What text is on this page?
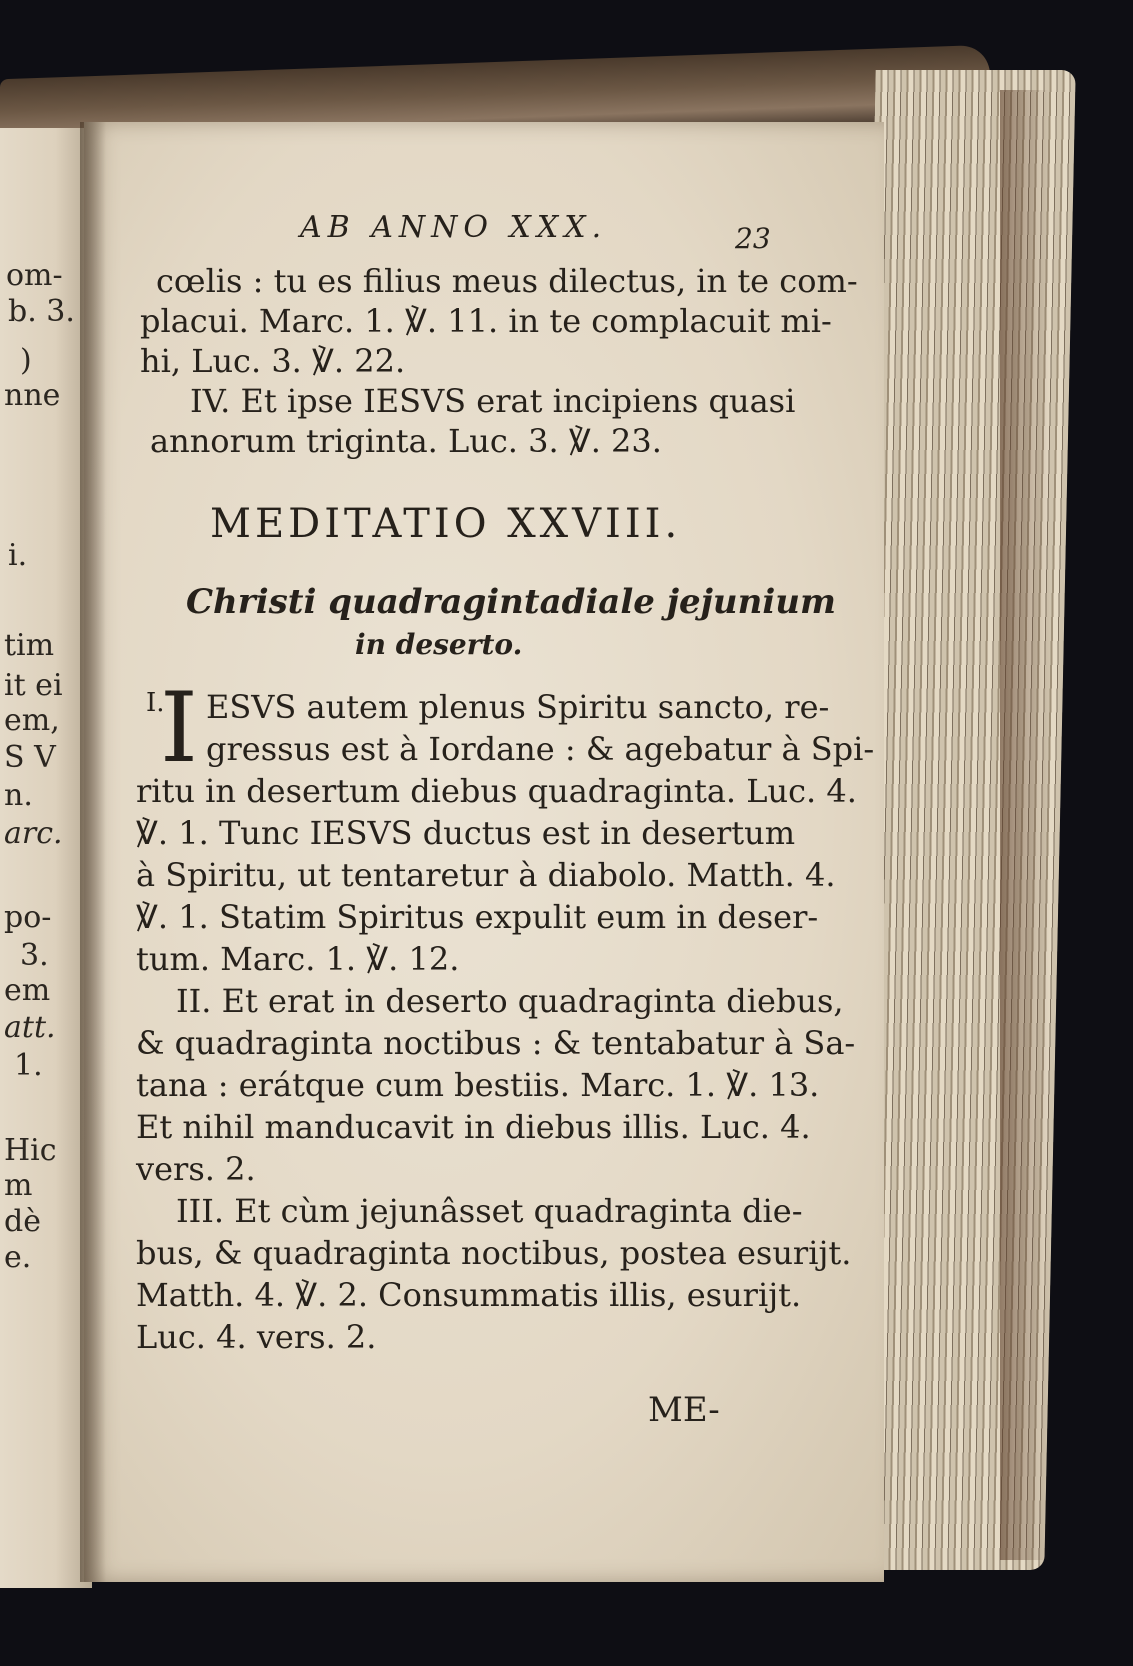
om-
b. 3.
)
nne
i.
tim
it ei
em,
S V
n.
arc.
po-
3.
em
att.
1.
Hic
m
dè
e.
AB ANNO XXX.	23
cœlis : tu es filius meus dilectus, in te com-
placui. Marc. 1. ℣. 11. in te complacuit mi-
hi, Luc. 3. ℣. 22.
IV. Et ipse IESVS erat incipiens quasi
annorum triginta. Luc. 3. ℣. 23.
MEDITATIO XXVIII.
Christi quadragintadiale jejunium
in deserto.
I.
I ESVS autem plenus Spiritu sancto, re-
gressus est à Iordane : & agebatur à Spi-
ritu in desertum diebus quadraginta. Luc. 4.
℣. 1. Tunc IESVS ductus est in desertum
à Spiritu, ut tentaretur à diabolo. Matth. 4.
℣. 1. Statim Spiritus expulit eum in deser-
tum. Marc. 1. ℣. 12.
II. Et erat in deserto quadraginta diebus,
& quadraginta noctibus : & tentabatur à Sa-
tana : erátque cum bestiis. Marc. 1. ℣. 13.
Et nihil manducavit in diebus illis. Luc. 4.
vers. 2.
III. Et cùm jejunâsset quadraginta die-
bus, & quadraginta noctibus, postea esurijt.
Matth. 4. ℣. 2. Consummatis illis, esurijt.
Luc. 4. vers. 2.
ME-
